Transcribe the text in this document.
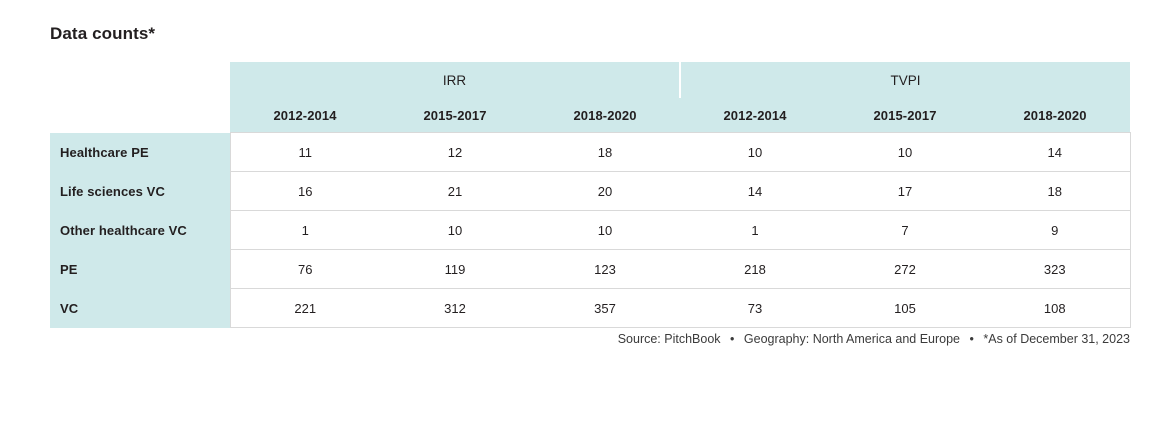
Data counts*
	IRR			TVPI		
	2012-2014	2015-2017	2018-2020	2012-2014	2015-2017	2018-2020
Healthcare PE	11	12	18	10	10	14
Life sciences VC	16	21	20	14	17	18
Other healthcare VC	1	10	10	1	7	9
PE	76	119	123	218	272	323
VC	221	312	357	73	105	108
Source: PitchBook • Geography: North America and Europe • *As of December 31, 2023
